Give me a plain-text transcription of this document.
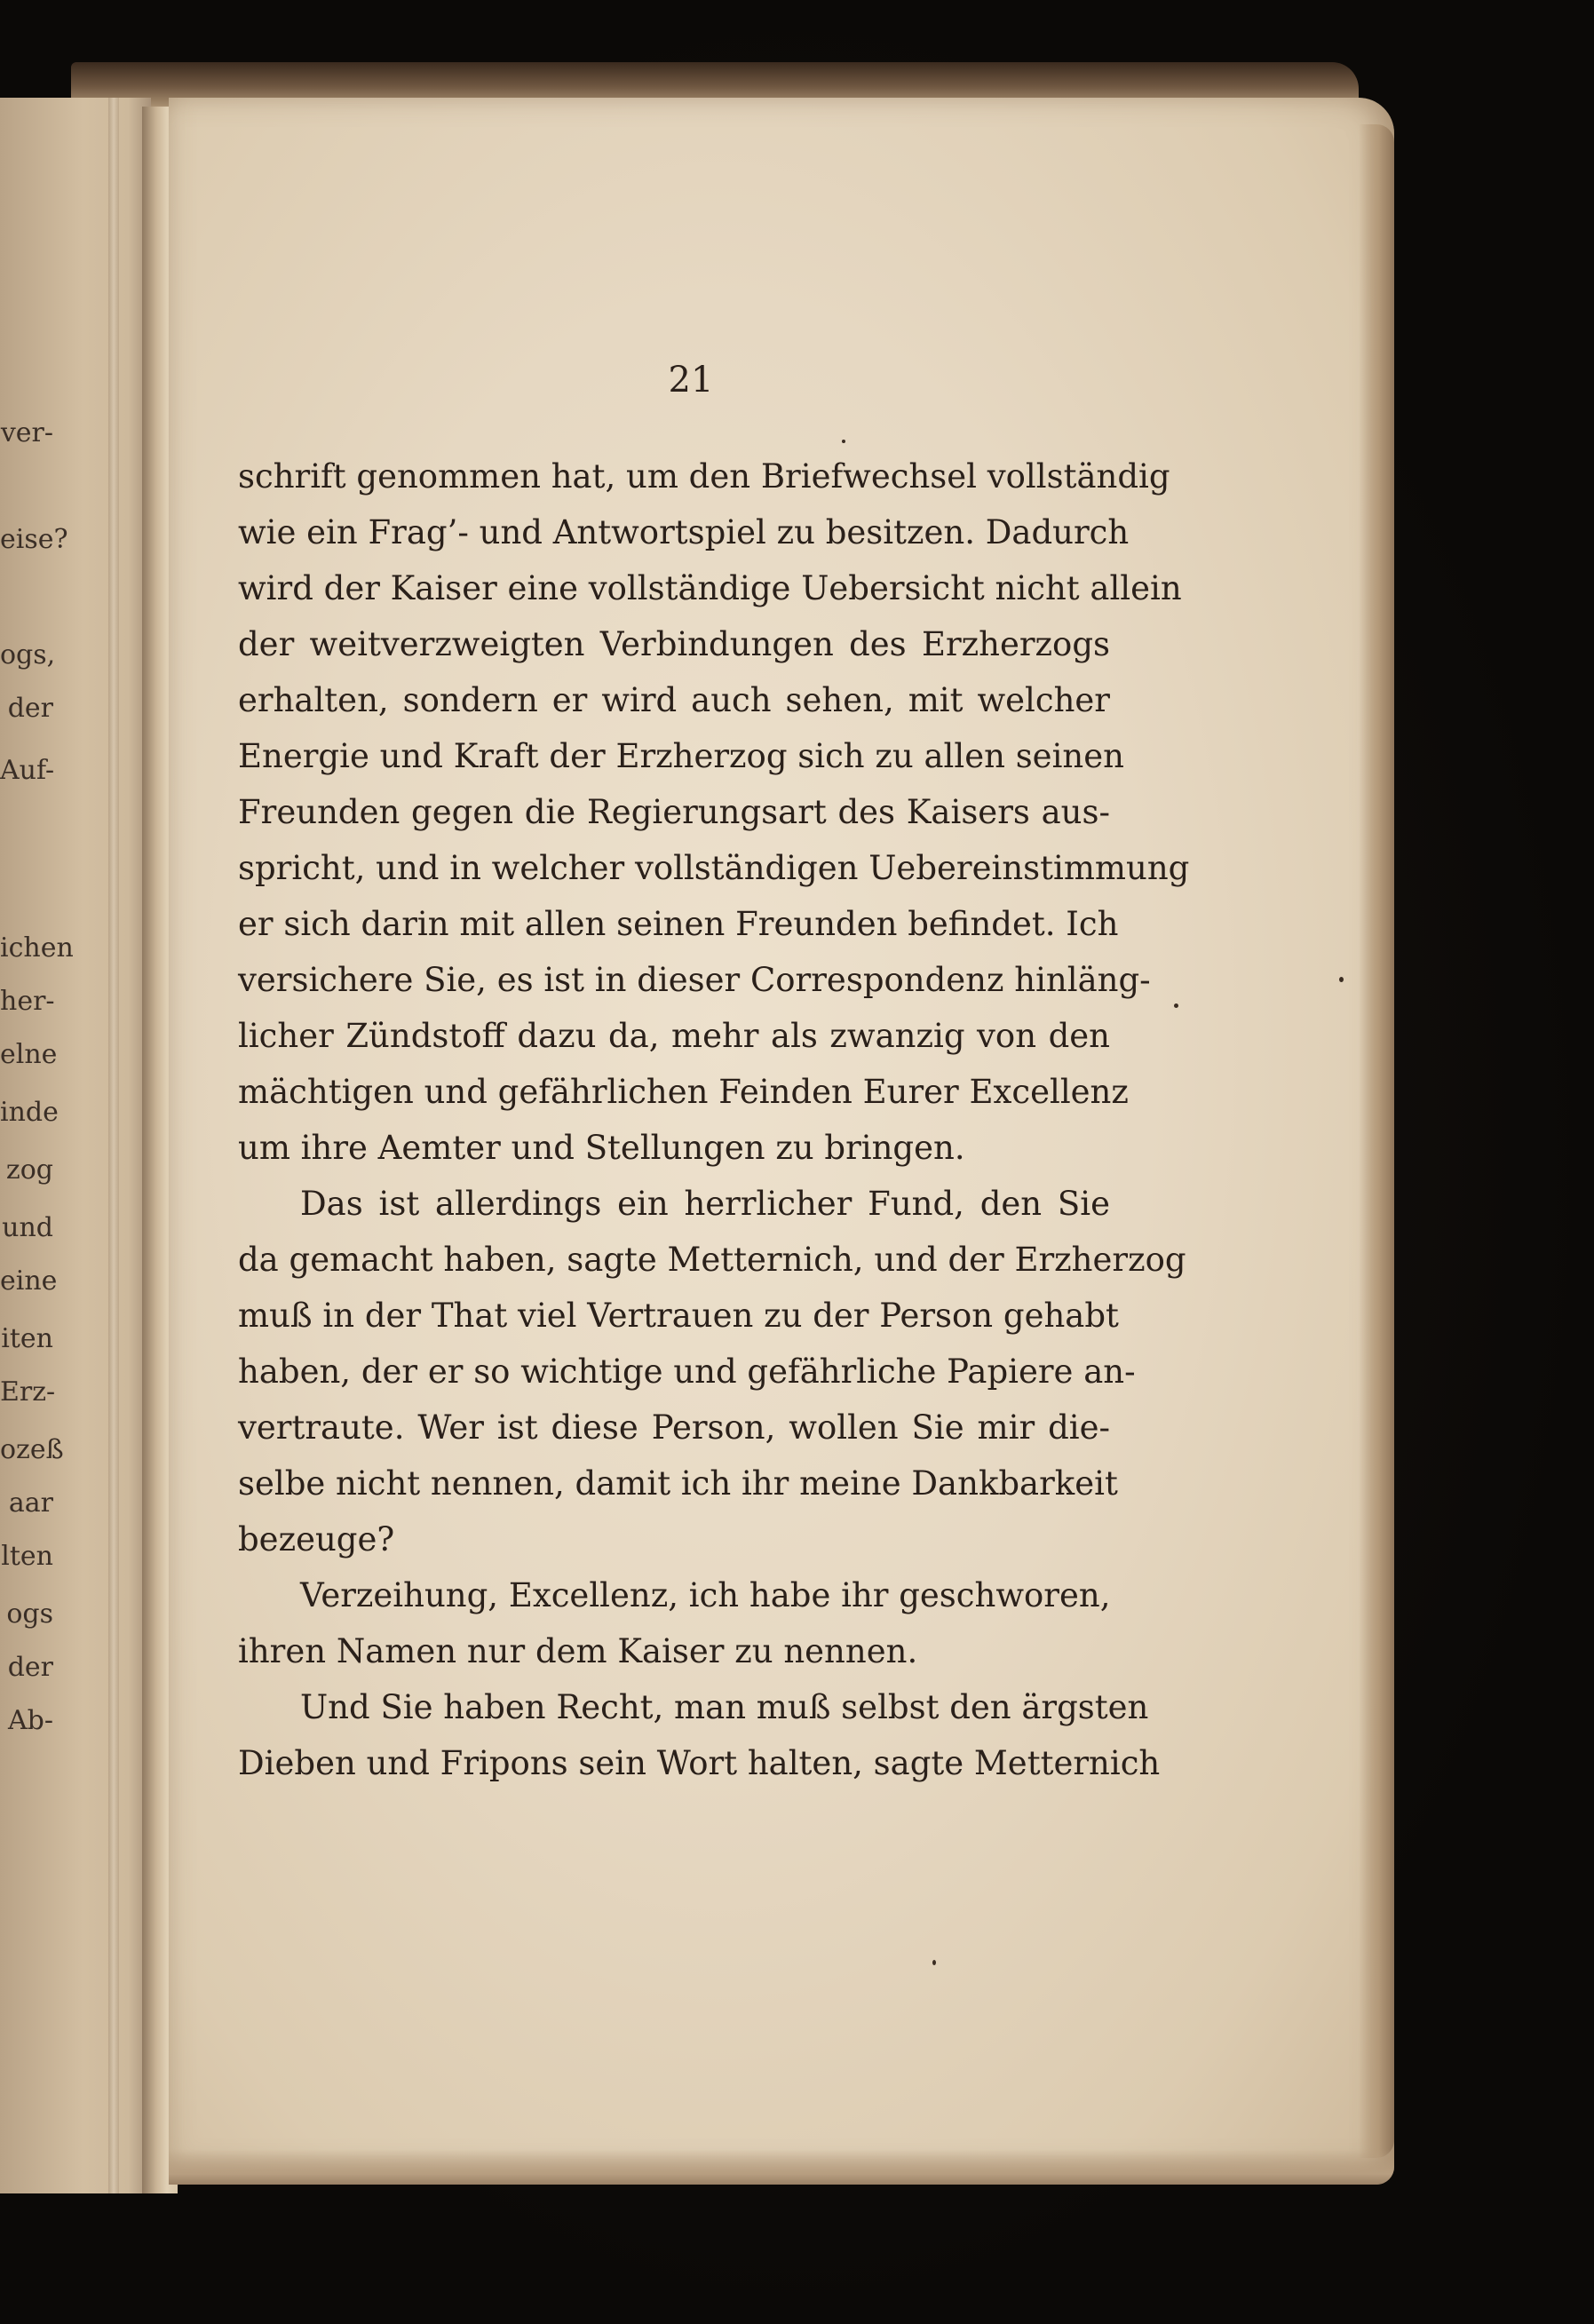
ver-
eise?
ogs,
der
Auf-
ichen
her-
elne
inde
zog
und
eine
iten
Erz-
ozeß
aar
lten
ogs
der
Ab-
21
schrift genommen hat, um den Briefwechsel vollständig
wie ein Frag’- und Antwortspiel zu besitzen. Dadurch
wird der Kaiser eine vollständige Uebersicht nicht allein
der weitverzweigten Verbindungen des Erzherzogs
erhalten, sondern er wird auch sehen, mit welcher
Energie und Kraft der Erzherzog sich zu allen seinen
Freunden gegen die Regierungsart des Kaisers aus-
spricht, und in welcher vollständigen Uebereinstimmung
er sich darin mit allen seinen Freunden befindet. Ich
versichere Sie, es ist in dieser Correspondenz hinläng-
licher Zündstoff dazu da, mehr als zwanzig von den
mächtigen und gefährlichen Feinden Eurer Excellenz
um ihre Aemter und Stellungen zu bringen.
Das ist allerdings ein herrlicher Fund, den Sie
da gemacht haben, sagte Metternich, und der Erzherzog
muß in der That viel Vertrauen zu der Person gehabt
haben, der er so wichtige und gefährliche Papiere an-
vertraute. Wer ist diese Person, wollen Sie mir die-
selbe nicht nennen, damit ich ihr meine Dankbarkeit
bezeuge?
Verzeihung, Excellenz, ich habe ihr geschworen,
ihren Namen nur dem Kaiser zu nennen.
Und Sie haben Recht, man muß selbst den ärgsten
Dieben und Fripons sein Wort halten, sagte Metternich
